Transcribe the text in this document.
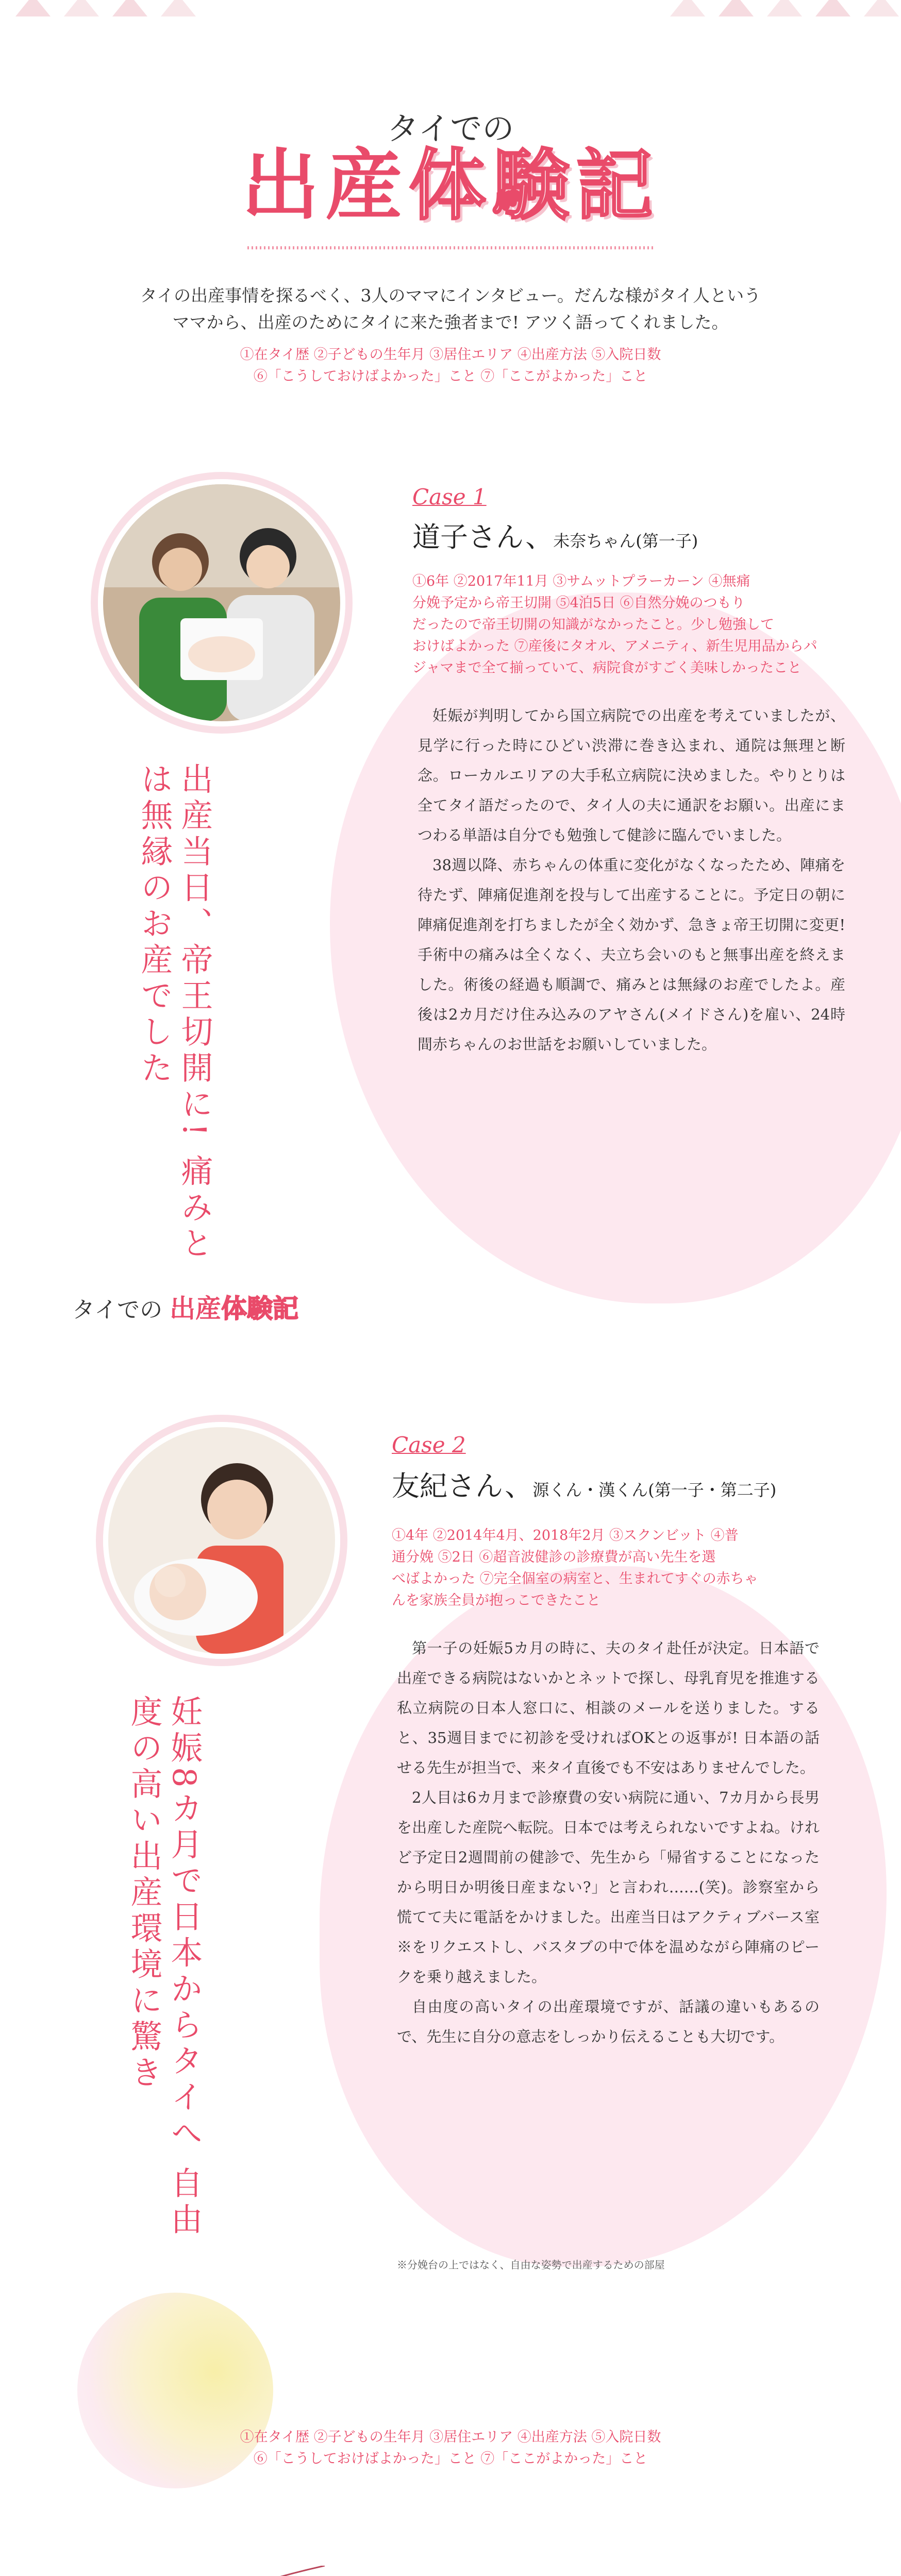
タイでの
出産体験記
タイの出産事情を探るべく、3人のママにインタビュー。だんな様がタイ人という
ママから、出産のためにタイに来た強者まで! アツく語ってくれました。
①在タイ歴 ②子どもの生年月 ③居住エリア ④出産方法 ⑤入院日数
⑥「こうしておけばよかった」こと ⑦「ここがよかった」こと
Case 1
道子さん、未奈ちゃん(第一子)
①6年 ②2017年11月 ③サムットプラーカーン ④無痛
分娩予定から帝王切開 ⑤4泊5日 ⑥自然分娩のつもり
だったので帝王切開の知識がなかったこと。少し勉強して
おけばよかった ⑦産後にタオル、アメニティ、新生児用品からパ
ジャマまで全て揃っていて、病院食がすごく美味しかったこと

妊娠が判明してから国立病院での出産を考えていましたが、見学に行った時にひどい渋滞に巻き込まれ、通院は無理と断念。ローカルエリアの大手私立病院に決めました。やりとりは全てタイ語だったので、タイ人の夫に通訳をお願い。出産にまつわる単語は自分でも勉強して健診に臨んでいました。

38週以降、赤ちゃんの体重に変化がなくなったため、陣痛を待たず、陣痛促進剤を投与して出産することに。予定日の朝に陣痛促進剤を打ちましたが全く効かず、急きょ帝王切開に変更! 手術中の痛みは全くなく、夫立ち会いのもと無事出産を終えました。術後の経過も順調で、痛みとは無縁のお産でしたよ。産後は2カ月だけ住み込みのアヤさん(メイドさん)を雇い、24時間赤ちゃんのお世話をお願いしていました。

出産当日、帝王切開に! 痛みとは無縁のお産でした
タイでの 出産体験記
Case 2
友紀さん、源くん・漢くん(第一子・第二子)
①4年 ②2014年4月、2018年2月 ③スクンビット ④普
通分娩 ⑤2日 ⑥超音波健診の診療費が高い先生を選
べばよかった ⑦完全個室の病室と、生まれてすぐの赤ちゃ
んを家族全員が抱っこできたこと

第一子の妊娠5カ月の時に、夫のタイ赴任が決定。日本語で出産できる病院はないかとネットで探し、母乳育児を推進する私立病院の日本人窓口に、相談のメールを送りました。すると、35週目までに初診を受ければOKとの返事が! 日本語の話せる先生が担当で、来タイ直後でも不安はありませんでした。

2人目は6カ月まで診療費の安い病院に通い、7カ月から長男を出産した産院へ転院。日本では考えられないですよね。けれど予定日2週間前の健診で、先生から「帰省することになったから明日か明後日産まない?」と言われ……(笑)。診察室から慌てて夫に電話をかけました。出産当日はアクティブバース室※をリクエストし、バスタブの中で体を温めながら陣痛のピークを乗り越えました。

自由度の高いタイの出産環境ですが、話議の違いもあるので、先生に自分の意志をしっかり伝えることも大切です。

※分娩台の上ではなく、自由な姿勢で出産するための部屋
妊娠8カ月で日本からタイへ 自由度の高い出産環境に驚き
①在タイ歴 ②子どもの生年月 ③居住エリア ④出産方法 ⑤入院日数
⑥「こうしておけばよかった」こと ⑦「ここがよかった」こと
